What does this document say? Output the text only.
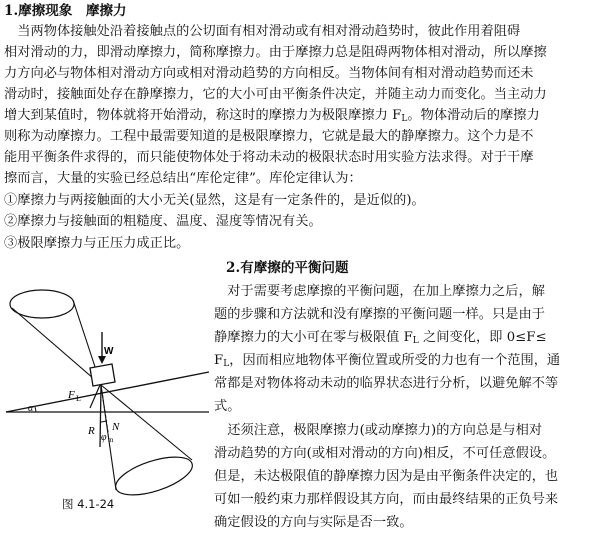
1.摩擦现象　摩擦力
　当两物体接触处沿着接触点的公切面有相对滑动或有相对滑动趋势时，彼此作用着阻碍
相对滑动的力，即滑动摩擦力，简称摩擦力。由于摩擦力总是阻碍两物体相对滑动，所以摩擦
力方向必与物体相对滑动方向或相对滑动趋势的方向相反。当物体间有相对滑动趋势而还未
滑动时，接触面处存在静摩擦力，它的大小可由平衡条件决定，并随主动力而变化。当主动力
增大到某值时，物体就将开始滑动，称这时的摩擦力为极限摩擦力 $F_L$。物体滑动后的摩擦力
则称为动摩擦力。工程中最需要知道的是极限摩擦力，它就是最大的静摩擦力。这个力是不
能用平衡条件求得的，而只能使物体处于将动未动的极限状态时用实验方法求得。对于干摩
擦而言，大量的实验已经总结出“库伦定律”。库伦定律认为：
①摩擦力与两接触面的大小无关(显然，这是有一定条件的，是近似的)。
②摩擦力与接触面的粗糙度、温度、湿度等情况有关。
③极限摩擦力与正压力成正比。
2.有摩擦的平衡问题
　对于需要考虑摩擦的平衡问题，在加上摩擦力之后，解
题的步骤和方法就和没有摩擦的平衡问题一样。只是由于
静摩擦力的大小可在零与极限值 $F_L$ 之间变化，即 0≤F≤
$F_L$，因而相应地物体平衡位置或所受的力也有一个范围，通
常都是对物体将动未动的临界状态进行分析，以避免解不等
式。
　还须注意，极限摩擦力(或动摩擦力)的方向总是与相对
滑动趋势的方向(或相对滑动的方向)相反，不可任意假设。
但是，未达极限值的静摩擦力因为是由平衡条件决定的，也
可如一般约束力那样假设其方向，而由最终结果的正负号来
确定假设的方向与实际是否一致。
W
F L
N
R
φ m
α
图 4.1-24
